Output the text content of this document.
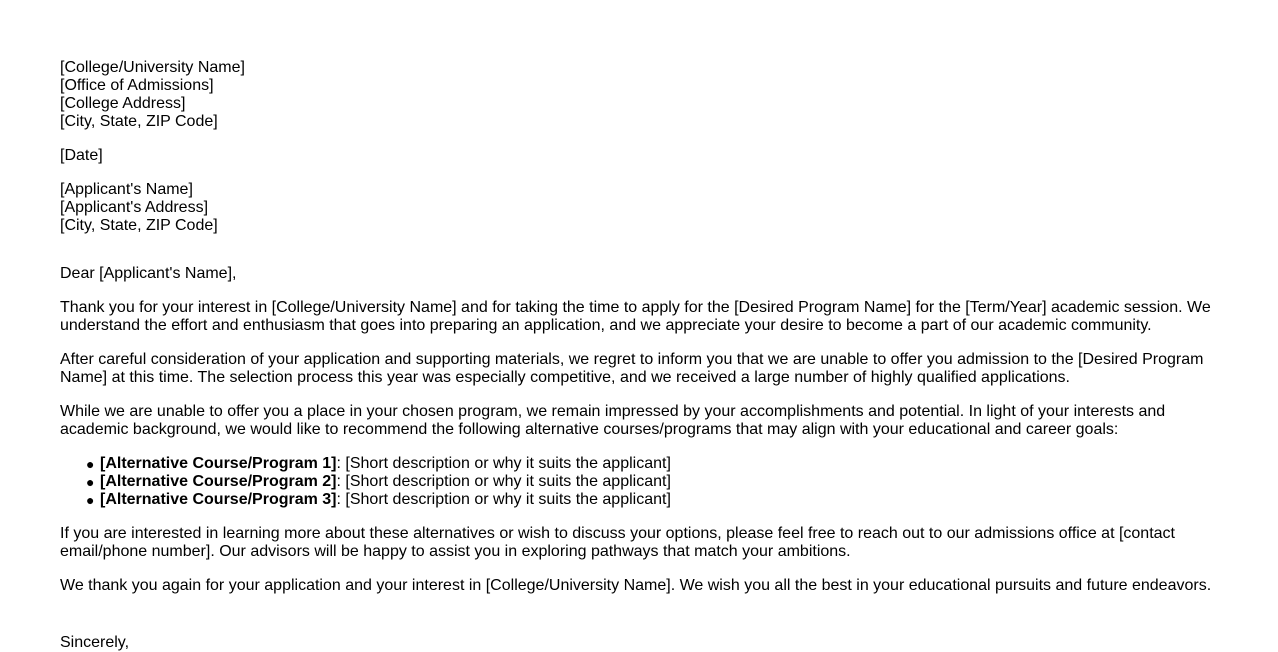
[College/University Name]
[Office of Admissions]
[College Address]
[City, State, ZIP Code]
[Date]
[Applicant's Name]
[Applicant's Address]
[City, State, ZIP Code]
Dear [Applicant's Name],

Thank you for your interest in [College/University Name] and for taking the time to apply for the [Desired Program Name] for the [Term/Year] academic session. We understand the effort and enthusiasm that goes into preparing an application, and we appreciate your desire to become a part of our academic community.

After careful consideration of your application and supporting materials, we regret to inform you that we are unable to offer you admission to the [Desired Program Name] at this time. The selection process this year was especially competitive, and we received a large number of highly qualified applications.

While we are unable to offer you a place in your chosen program, we remain impressed by your accomplishments and potential. In light of your interests and academic background, we would like to recommend the following alternative courses/programs that may align with your educational and career goals:

● [Alternative Course/Program 1]: [Short description or why it suits the applicant]
● [Alternative Course/Program 2]: [Short description or why it suits the applicant]
● [Alternative Course/Program 3]: [Short description or why it suits the applicant]

If you are interested in learning more about these alternatives or wish to discuss your options, please feel free to reach out to our admissions office at [contact email/phone number]. Our advisors will be happy to assist you in exploring pathways that match your ambitions.

We thank you again for your application and your interest in [College/University Name]. We wish you all the best in your educational pursuits and future endeavors.

Sincerely,
